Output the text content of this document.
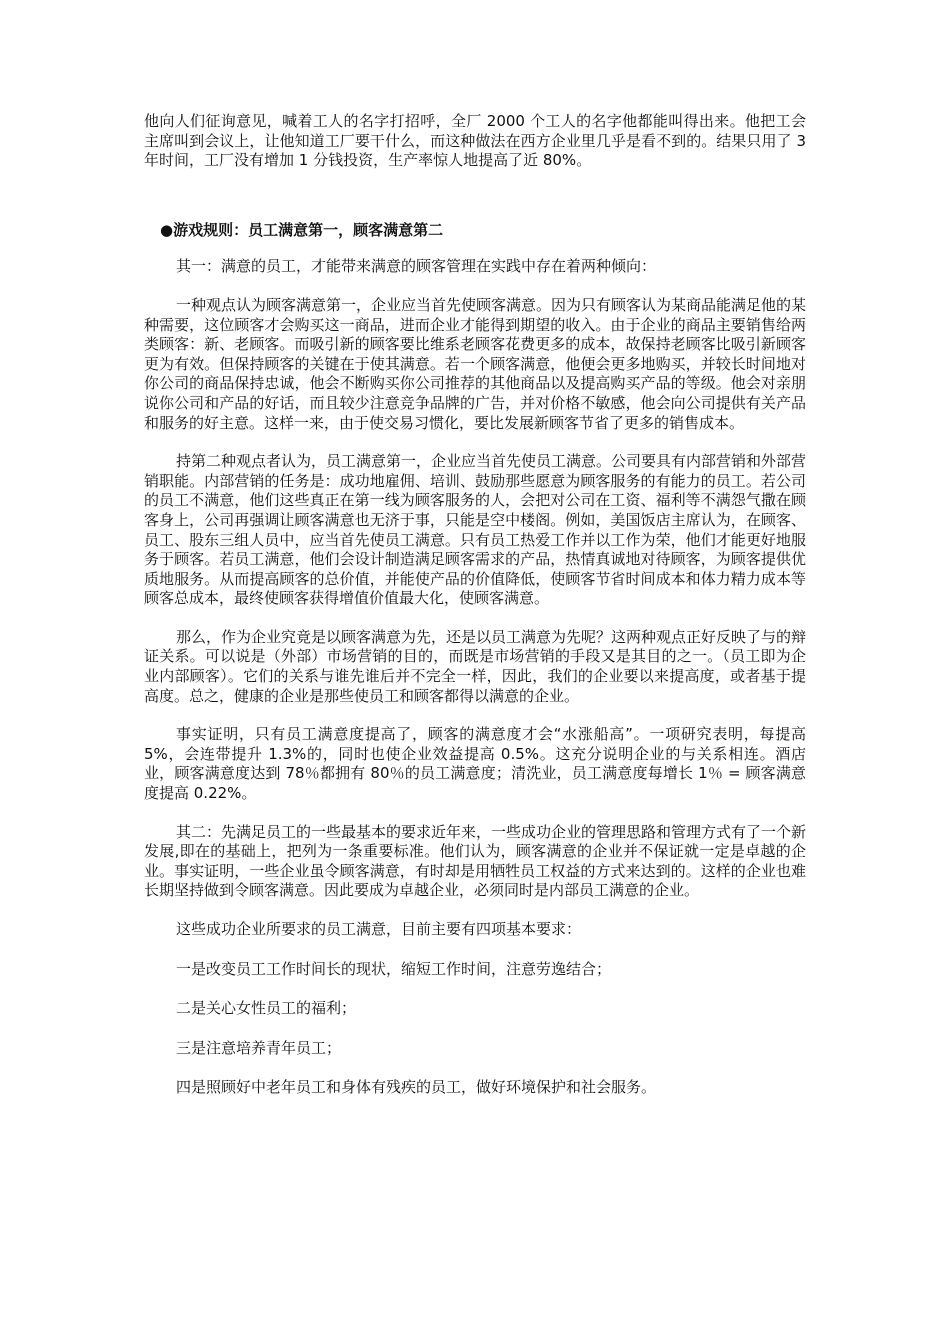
他向人们征询意见，喊着工人的名字打招呼，全厂 2000 个工人的名字他都能叫得出来。他把工会主席叫到会议上，让他知道工厂要干什么，而这种做法在西方企业里几乎是看不到的。结果只用了 3 年时间，工厂没有增加 1 分钱投资，生产率惊人地提高了近 80%。

●游戏规则：员工满意第一，顾客满意第二

其一：满意的员工，才能带来满意的顾客管理在实践中存在着两种倾向：

一种观点认为顾客满意第一，企业应当首先使顾客满意。因为只有顾客认为某商品能满足他的某种需要，这位顾客才会购买这一商品，进而企业才能得到期望的收入。由于企业的商品主要销售给两类顾客：新、老顾客。而吸引新的顾客要比维系老顾客花费更多的成本，故保持老顾客比吸引新顾客更为有效。但保持顾客的关键在于使其满意。若一个顾客满意，他便会更多地购买，并较长时间地对你公司的商品保持忠诚，他会不断购买你公司推荐的其他商品以及提高购买产品的等级。他会对亲朋说你公司和产品的好话，而且较少注意竞争品牌的广告，并对价格不敏感，他会向公司提供有关产品和服务的好主意。这样一来，由于使交易习惯化，要比发展新顾客节省了更多的销售成本。

持第二种观点者认为，员工满意第一，企业应当首先使员工满意。公司要具有内部营销和外部营销职能。内部营销的任务是：成功地雇佣、培训、鼓励那些愿意为顾客服务的有能力的员工。若公司的员工不满意，他们这些真正在第一线为顾客服务的人，会把对公司在工资、福利等不满怨气撒在顾客身上，公司再强调让顾客满意也无济于事，只能是空中楼阁。例如，美国饭店主席认为，在顾客、员工、股东三组人员中，应当首先使员工满意。只有员工热爱工作并以工作为荣，他们才能更好地服务于顾客。若员工满意，他们会设计制造满足顾客需求的产品，热情真诚地对待顾客，为顾客提供优质地服务。从而提高顾客的总价值，并能使产品的价值降低，使顾客节省时间成本和体力精力成本等顾客总成本，最终使顾客获得增值价值最大化，使顾客满意。

那么，作为企业究竟是以顾客满意为先，还是以员工满意为先呢？这两种观点正好反映了与的辩证关系。可以说是（外部）市场营销的目的，而既是市场营销的手段又是其目的之一。（员工即为企业内部顾客）。它们的关系与谁先谁后并不完全一样，因此，我们的企业要以来提高度，或者基于提高度。总之，健康的企业是那些使员工和顾客都得以满意的企业。

事实证明，只有员工满意度提高了，顾客的满意度才会“水涨船高”。一项研究表明，每提高 5%，会连带提升 1.3%的，同时也使企业效益提高 0.5%。这充分说明企业的与关系相连。酒店业，顾客满意度达到 78％都拥有 80％的员工满意度；清洗业，员工满意度每增长 1％ = 顾客满意度提高 0.22%。

其二：先满足员工的一些最基本的要求近年来，一些成功企业的管理思路和管理方式有了一个新发展,即在的基础上，把列为一条重要标准。他们认为，顾客满意的企业并不保证就一定是卓越的企业。事实证明，一些企业虽令顾客满意，有时却是用牺牲员工权益的方式来达到的。这样的企业也难长期坚持做到令顾客满意。因此要成为卓越企业，必须同时是内部员工满意的企业。

这些成功企业所要求的员工满意，目前主要有四项基本要求：

一是改变员工工作时间长的现状，缩短工作时间，注意劳逸结合；

二是关心女性员工的福利；

三是注意培养青年员工；

四是照顾好中老年员工和身体有残疾的员工，做好环境保护和社会服务。
